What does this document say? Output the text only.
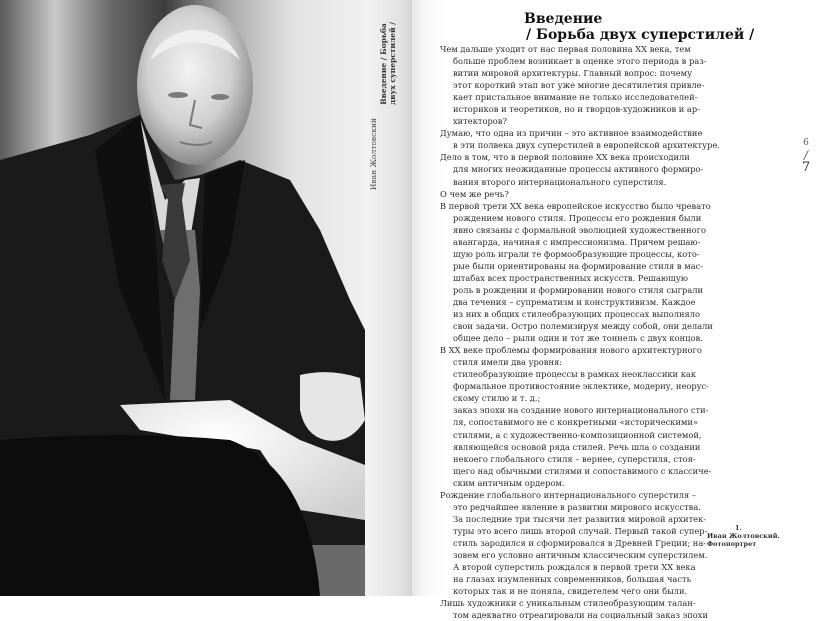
Введение / Борьба
двух суперстилей /
Иван Жолтовский
Введение
/ Борьба двух суперстилей /
Чем дальше уходит от нас первая половина XX века, тем
больше проблем возникает в оценке этого периода в раз-
витии мировой архитектуры. Главный вопрос: почему
этот короткий этап вот уже многие десятилетия привле-
кает пристальное внимание не только исследователей-
историков и теоретиков, но и творцов-художников и ар-
хитекторов?
Думаю, что одна из причин – это активное взаимодействие
в эти полвека двух суперстилей в европейской архитектуре.
Дело в том, что в первой половине XX века происходили
для многих неожиданные процессы активного формиро-
вания второго интернационального суперстиля.
О чем же речь?
В первой трети XX века европейское искусство было чревато
рождением нового стиля. Процессы его рождения были
явно связаны с формальной эволюцией художественного
авангарда, начиная с импрессионизма. Причем решаю-
щую роль играли те формообразующие процессы, кото-
рые были ориентированы на формирование стиля в мас-
штабах всех пространственных искусств. Решающую
роль в рождении и формировании нового стиля сыграли
два течения – супрематизм и конструктивизм. Каждое
из них в общих стилеобразующих процессах выполняло
свои задачи. Остро полемизируя между собой, они делали
общее дело – рыли один и тот же тоннель с двух концов.
В XX веке проблемы формирования нового архитектурного
стиля имели два уровня:
стилеобразующие процессы в рамках неоклассики как
формальное противостояние эклектике, модерну, неорус-
скому стилю и т. д.;
заказ эпохи на создание нового интернационального сти-
ля, сопоставимого не с конкретными «историческими»
стилями, а с художественно-композиционной системой,
являющейся основой ряда стилей. Речь шла о создании
некоего глобального стиля – вернее, суперстиля, стоя-
щего над обычными стилями и сопоставимого с классиче-
ским античным ордером.
Рождение глобального интернационального суперстиля –
это редчайшее явление в развитии мирового искусства.
За последние три тысячи лет развития мировой архитек-
туры это всего лишь второй случай. Первый такой супер-
стиль зародился и сформировался в Древней Греции; на-
зовем его условно античным классическим суперстилем.
А второй суперстиль рождался в первой трети XX века
на глазах изумленных современников, большая часть
которых так и не поняла, свидетелем чего они были.
Лишь художники с уникальным стилеобразующим талан-
том адекватно отреагировали на социальный заказ эпохи
6
/
7
1.
Иван Жолтовский.
Фотопортрет
